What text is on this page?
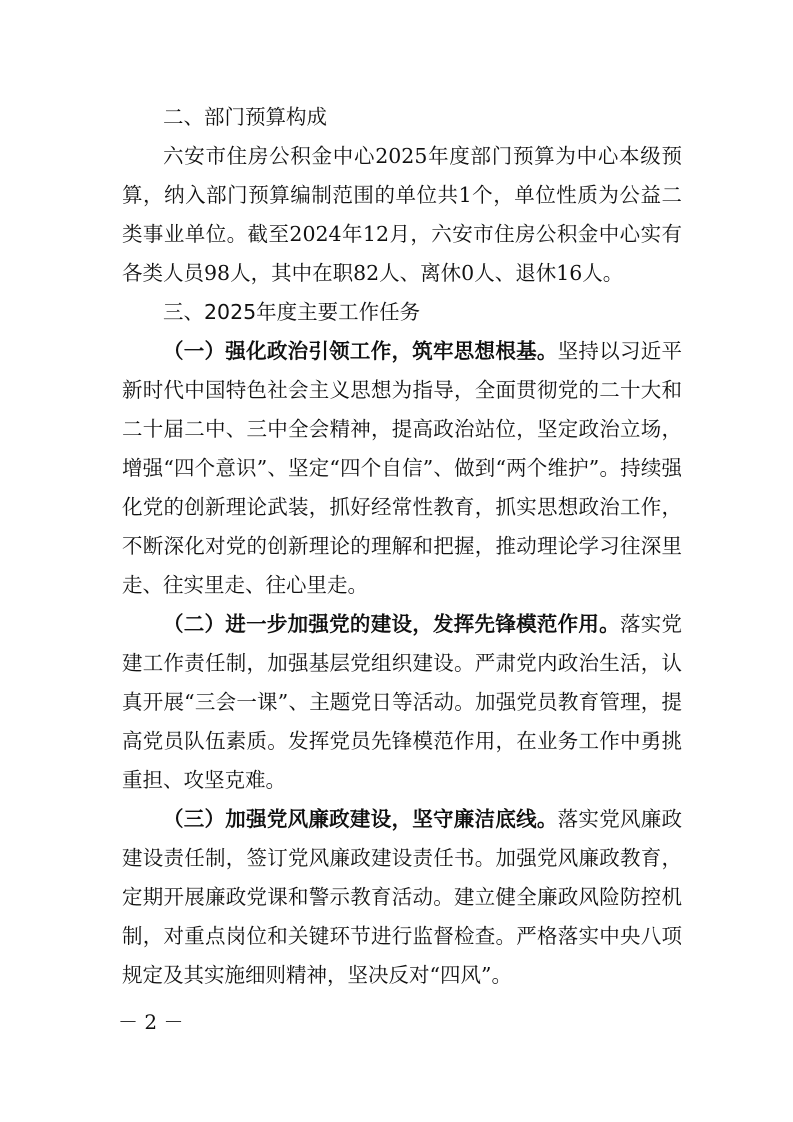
二、部门预算构成

六安市住房公积金中心2025年度部门预算为中心本级预算，纳入部门预算编制范围的单位共1个，单位性质为公益二类事业单位。截至2024年12月，六安市住房公积金中心实有各类人员98人，其中在职82人、离休0人、退休16人。

三、2025年度主要工作任务

（一）强化政治引领工作，筑牢思想根基。坚持以习近平新时代中国特色社会主义思想为指导，全面贯彻党的二十大和二十届二中、三中全会精神，提高政治站位，坚定政治立场，增强“四个意识”、坚定“四个自信”、做到“两个维护”。持续强化党的创新理论武装，抓好经常性教育，抓实思想政治工作，不断深化对党的创新理论的理解和把握，推动理论学习往深里走、往实里走、往心里走。

（二）进一步加强党的建设，发挥先锋模范作用。落实党建工作责任制，加强基层党组织建设。严肃党内政治生活，认真开展“三会一课”、主题党日等活动。加强党员教育管理，提高党员队伍素质。发挥党员先锋模范作用，在业务工作中勇挑重担、攻坚克难。

（三）加强党风廉政建设，坚守廉洁底线。落实党风廉政建设责任制，签订党风廉政建设责任书。加强党风廉政教育，定期开展廉政党课和警示教育活动。建立健全廉政风险防控机制，对重点岗位和关键环节进行监督检查。严格落实中央八项规定及其实施细则精神，坚决反对“四风”。

－ 2 －
